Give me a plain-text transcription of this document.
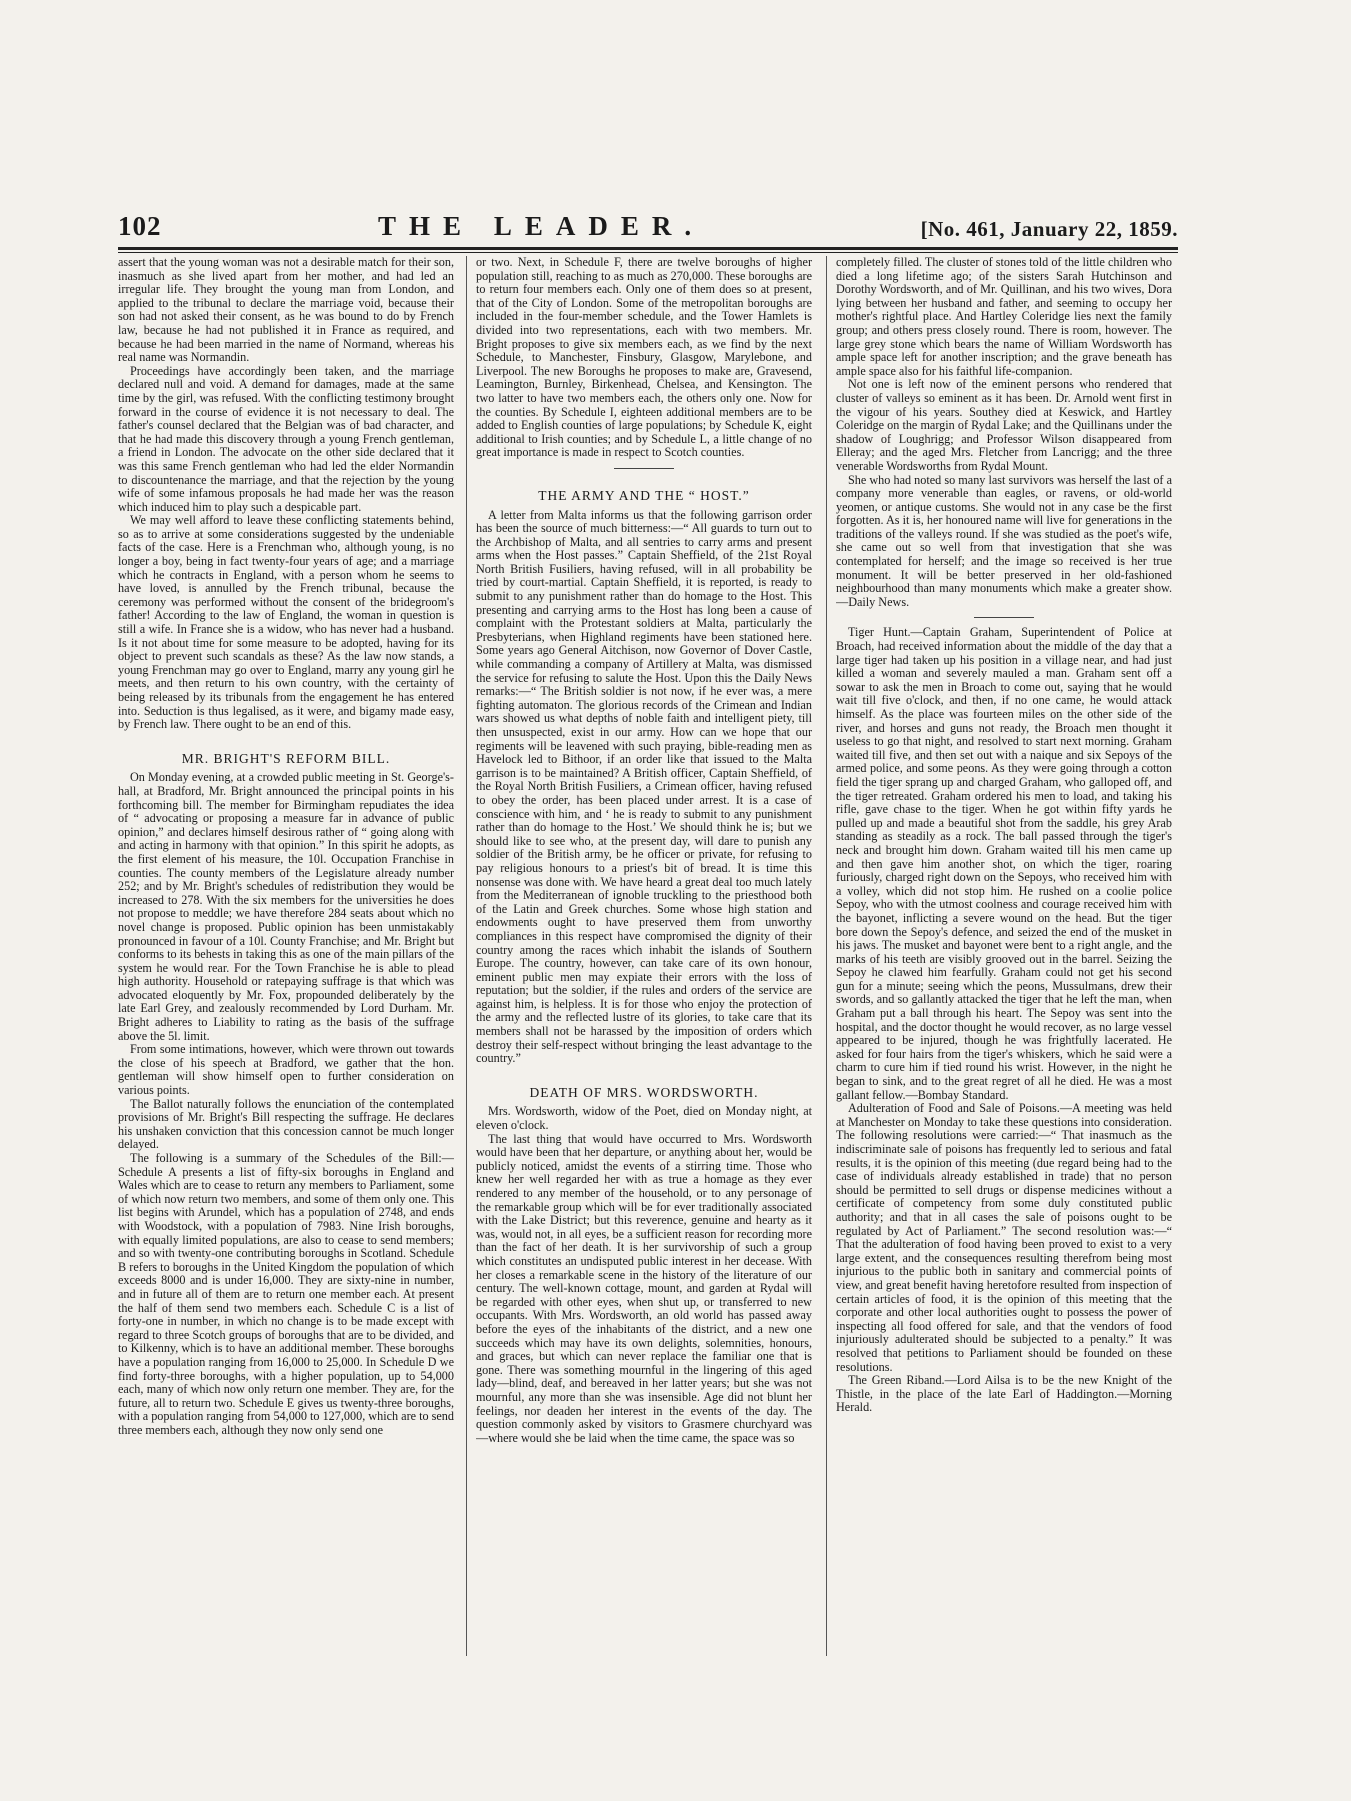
102	THE LEADER.	[No. 461, January 22, 1859.

assert that the young woman was not a desirable match for their son, inasmuch as she lived apart from her mother, and had led an irregular life. They brought the young man from London, and applied to the tribunal to declare the marriage void, because their son had not asked their consent, as he was bound to do by French law, because he had not published it in France as required, and because he had been married in the name of Normand, whereas his real name was Normandin.

Proceedings have accordingly been taken, and the marriage declared null and void. A demand for damages, made at the same time by the girl, was refused. With the conflicting testimony brought forward in the course of evidence it is not necessary to deal. The father's counsel declared that the Belgian was of bad character, and that he had made this discovery through a young French gentleman, a friend in London. The advocate on the other side declared that it was this same French gentleman who had led the elder Normandin to discountenance the marriage, and that the rejection by the young wife of some infamous proposals he had made her was the reason which induced him to play such a despicable part.

We may well afford to leave these conflicting statements behind, so as to arrive at some considerations suggested by the undeniable facts of the case. Here is a Frenchman who, although young, is no longer a boy, being in fact twenty-four years of age; and a marriage which he contracts in England, with a person whom he seems to have loved, is annulled by the French tribunal, because the ceremony was performed without the consent of the bridegroom's father! According to the law of England, the woman in question is still a wife. In France she is a widow, who has never had a husband. Is it not about time for some measure to be adopted, having for its object to prevent such scandals as these? As the law now stands, a young Frenchman may go over to England, marry any young girl he meets, and then return to his own country, with the certainty of being released by its tribunals from the engagement he has entered into. Seduction is thus legalised, as it were, and bigamy made easy, by French law. There ought to be an end of this.

MR. BRIGHT'S REFORM BILL.

On Monday evening, at a crowded public meeting in St. George's-hall, at Bradford, Mr. Bright announced the principal points in his forthcoming bill. The member for Birmingham repudiates the idea of “ advocating or proposing a measure far in advance of public opinion,” and declares himself desirous rather of “ going along with and acting in harmony with that opinion.” In this spirit he adopts, as the first element of his measure, the 10l. Occupation Franchise in counties. The county members of the Legislature already number 252; and by Mr. Bright's schedules of redistribution they would be increased to 278. With the six members for the universities he does not propose to meddle; we have therefore 284 seats about which no novel change is proposed. Public opinion has been unmistakably pronounced in favour of a 10l. County Franchise; and Mr. Bright but conforms to its behests in taking this as one of the main pillars of the system he would rear. For the Town Franchise he is able to plead high authority. Household or ratepaying suffrage is that which was advocated eloquently by Mr. Fox, propounded deliberately by the late Earl Grey, and zealously recommended by Lord Durham. Mr. Bright adheres to Liability to rating as the basis of the suffrage above the 5l. limit.

From some intimations, however, which were thrown out towards the close of his speech at Bradford, we gather that the hon. gentleman will show himself open to further consideration on various points.

The Ballot naturally follows the enunciation of the contemplated provisions of Mr. Bright's Bill respecting the suffrage. He declares his unshaken conviction that this concession cannot be much longer delayed.

The following is a summary of the Schedules of the Bill:—Schedule A presents a list of fifty-six boroughs in England and Wales which are to cease to return any members to Parliament, some of which now return two members, and some of them only one. This list begins with Arundel, which has a population of 2748, and ends with Woodstock, with a population of 7983. Nine Irish boroughs, with equally limited populations, are also to cease to send members; and so with twenty-one contributing boroughs in Scotland. Schedule B refers to boroughs in the United Kingdom the population of which exceeds 8000 and is under 16,000. They are sixty-nine in number, and in future all of them are to return one member each. At present the half of them send two members each. Schedule C is a list of forty-one in number, in which no change is to be made except with regard to three Scotch groups of boroughs that are to be divided, and to Kilkenny, which is to have an additional member. These boroughs have a population ranging from 16,000 to 25,000. In Schedule D we find forty-three boroughs, with a higher population, up to 54,000 each, many of which now only return one member. They are, for the future, all to return two. Schedule E gives us twenty-three boroughs, with a population ranging from 54,000 to 127,000, which are to send three members each, although they now only send one

or two. Next, in Schedule F, there are twelve boroughs of higher population still, reaching to as much as 270,000. These boroughs are to return four members each. Only one of them does so at present, that of the City of London. Some of the metropolitan boroughs are included in the four-member schedule, and the Tower Hamlets is divided into two representations, each with two members. Mr. Bright proposes to give six members each, as we find by the next Schedule, to Manchester, Finsbury, Glasgow, Marylebone, and Liverpool. The new Boroughs he proposes to make are, Gravesend, Leamington, Burnley, Birkenhead, Chelsea, and Kensington. The two latter to have two members each, the others only one. Now for the counties. By Schedule I, eighteen additional members are to be added to English counties of large populations; by Schedule K, eight additional to Irish counties; and by Schedule L, a little change of no great importance is made in respect to Scotch counties.

THE ARMY AND THE “ HOST.”

A letter from Malta informs us that the following garrison order has been the source of much bitterness:—“ All guards to turn out to the Archbishop of Malta, and all sentries to carry arms and present arms when the Host passes.” Captain Sheffield, of the 21st Royal North British Fusiliers, having refused, will in all probability be tried by court-martial. Captain Sheffield, it is reported, is ready to submit to any punishment rather than do homage to the Host. This presenting and carrying arms to the Host has long been a cause of complaint with the Protestant soldiers at Malta, particularly the Presbyterians, when Highland regiments have been stationed here. Some years ago General Aitchison, now Governor of Dover Castle, while commanding a company of Artillery at Malta, was dismissed the service for refusing to salute the Host. Upon this the Daily News remarks:—“ The British soldier is not now, if he ever was, a mere fighting automaton. The glorious records of the Crimean and Indian wars showed us what depths of noble faith and intelligent piety, till then unsuspected, exist in our army. How can we hope that our regiments will be leavened with such praying, bible-reading men as Havelock led to Bithoor, if an order like that issued to the Malta garrison is to be maintained? A British officer, Captain Sheffield, of the Royal North British Fusiliers, a Crimean officer, having refused to obey the order, has been placed under arrest. It is a case of conscience with him, and ‘ he is ready to submit to any punishment rather than do homage to the Host.’ We should think he is; but we should like to see who, at the present day, will dare to punish any soldier of the British army, be he officer or private, for refusing to pay religious honours to a priest's bit of bread. It is time this nonsense was done with. We have heard a great deal too much lately from the Mediterranean of ignoble truckling to the priesthood both of the Latin and Greek churches. Some whose high station and endowments ought to have preserved them from unworthy compliances in this respect have compromised the dignity of their country among the races which inhabit the islands of Southern Europe. The country, however, can take care of its own honour, eminent public men may expiate their errors with the loss of reputation; but the soldier, if the rules and orders of the service are against him, is helpless. It is for those who enjoy the protection of the army and the reflected lustre of its glories, to take care that its members shall not be harassed by the imposition of orders which destroy their self-respect without bringing the least advantage to the country.”

DEATH OF MRS. WORDSWORTH.

Mrs. Wordsworth, widow of the Poet, died on Monday night, at eleven o'clock.

The last thing that would have occurred to Mrs. Wordsworth would have been that her departure, or anything about her, would be publicly noticed, amidst the events of a stirring time. Those who knew her well regarded her with as true a homage as they ever rendered to any member of the household, or to any personage of the remarkable group which will be for ever traditionally associated with the Lake District; but this reverence, genuine and hearty as it was, would not, in all eyes, be a sufficient reason for recording more than the fact of her death. It is her survivorship of such a group which constitutes an undisputed public interest in her decease. With her closes a remarkable scene in the history of the literature of our century. The well-known cottage, mount, and garden at Rydal will be regarded with other eyes, when shut up, or transferred to new occupants. With Mrs. Wordsworth, an old world has passed away before the eyes of the inhabitants of the district, and a new one succeeds which may have its own delights, solemnities, honours, and graces, but which can never replace the familiar one that is gone. There was something mournful in the lingering of this aged lady—blind, deaf, and bereaved in her latter years; but she was not mournful, any more than she was insensible. Age did not blunt her feelings, nor deaden her interest in the events of the day. The question commonly asked by visitors to Grasmere churchyard was—where would she be laid when the time came, the space was so

completely filled. The cluster of stones told of the little children who died a long lifetime ago; of the sisters Sarah Hutchinson and Dorothy Wordsworth, and of Mr. Quillinan, and his two wives, Dora lying between her husband and father, and seeming to occupy her mother's rightful place. And Hartley Coleridge lies next the family group; and others press closely round. There is room, however. The large grey stone which bears the name of William Wordsworth has ample space left for another inscription; and the grave beneath has ample space also for his faithful life-companion.

Not one is left now of the eminent persons who rendered that cluster of valleys so eminent as it has been. Dr. Arnold went first in the vigour of his years. Southey died at Keswick, and Hartley Coleridge on the margin of Rydal Lake; and the Quillinans under the shadow of Loughrigg; and Professor Wilson disappeared from Elleray; and the aged Mrs. Fletcher from Lancrigg; and the three venerable Wordsworths from Rydal Mount.

She who had noted so many last survivors was herself the last of a company more venerable than eagles, or ravens, or old-world yeomen, or antique customs. She would not in any case be the first forgotten. As it is, her honoured name will live for generations in the traditions of the valleys round. If she was studied as the poet's wife, she came out so well from that investigation that she was contemplated for herself; and the image so received is her true monument. It will be better preserved in her old-fashioned neighbourhood than many monuments which make a greater show.—Daily News.

Tiger Hunt.—Captain Graham, Superintendent of Police at Broach, had received information about the middle of the day that a large tiger had taken up his position in a village near, and had just killed a woman and severely mauled a man. Graham sent off a sowar to ask the men in Broach to come out, saying that he would wait till five o'clock, and then, if no one came, he would attack himself. As the place was fourteen miles on the other side of the river, and horses and guns not ready, the Broach men thought it useless to go that night, and resolved to start next morning. Graham waited till five, and then set out with a naique and six Sepoys of the armed police, and some peons. As they were going through a cotton field the tiger sprang up and charged Graham, who galloped off, and the tiger retreated. Graham ordered his men to load, and taking his rifle, gave chase to the tiger. When he got within fifty yards he pulled up and made a beautiful shot from the saddle, his grey Arab standing as steadily as a rock. The ball passed through the tiger's neck and brought him down. Graham waited till his men came up and then gave him another shot, on which the tiger, roaring furiously, charged right down on the Sepoys, who received him with a volley, which did not stop him. He rushed on a coolie police Sepoy, who with the utmost coolness and courage received him with the bayonet, inflicting a severe wound on the head. But the tiger bore down the Sepoy's defence, and seized the end of the musket in his jaws. The musket and bayonet were bent to a right angle, and the marks of his teeth are visibly grooved out in the barrel. Seizing the Sepoy he clawed him fearfully. Graham could not get his second gun for a minute; seeing which the peons, Mussulmans, drew their swords, and so gallantly attacked the tiger that he left the man, when Graham put a ball through his heart. The Sepoy was sent into the hospital, and the doctor thought he would recover, as no large vessel appeared to be injured, though he was frightfully lacerated. He asked for four hairs from the tiger's whiskers, which he said were a charm to cure him if tied round his wrist. However, in the night he began to sink, and to the great regret of all he died. He was a most gallant fellow.—Bombay Standard.

Adulteration of Food and Sale of Poisons.—A meeting was held at Manchester on Monday to take these questions into consideration. The following resolutions were carried:—“ That inasmuch as the indiscriminate sale of poisons has frequently led to serious and fatal results, it is the opinion of this meeting (due regard being had to the case of individuals already established in trade) that no person should be permitted to sell drugs or dispense medicines without a certificate of competency from some duly constituted public authority; and that in all cases the sale of poisons ought to be regulated by Act of Parliament.” The second resolution was:—“ That the adulteration of food having been proved to exist to a very large extent, and the consequences resulting therefrom being most injurious to the public both in sanitary and commercial points of view, and great benefit having heretofore resulted from inspection of certain articles of food, it is the opinion of this meeting that the corporate and other local authorities ought to possess the power of inspecting all food offered for sale, and that the vendors of food injuriously adulterated should be subjected to a penalty.” It was resolved that petitions to Parliament should be founded on these resolutions.

The Green Riband.—Lord Ailsa is to be the new Knight of the Thistle, in the place of the late Earl of Haddington.—Morning Herald.
